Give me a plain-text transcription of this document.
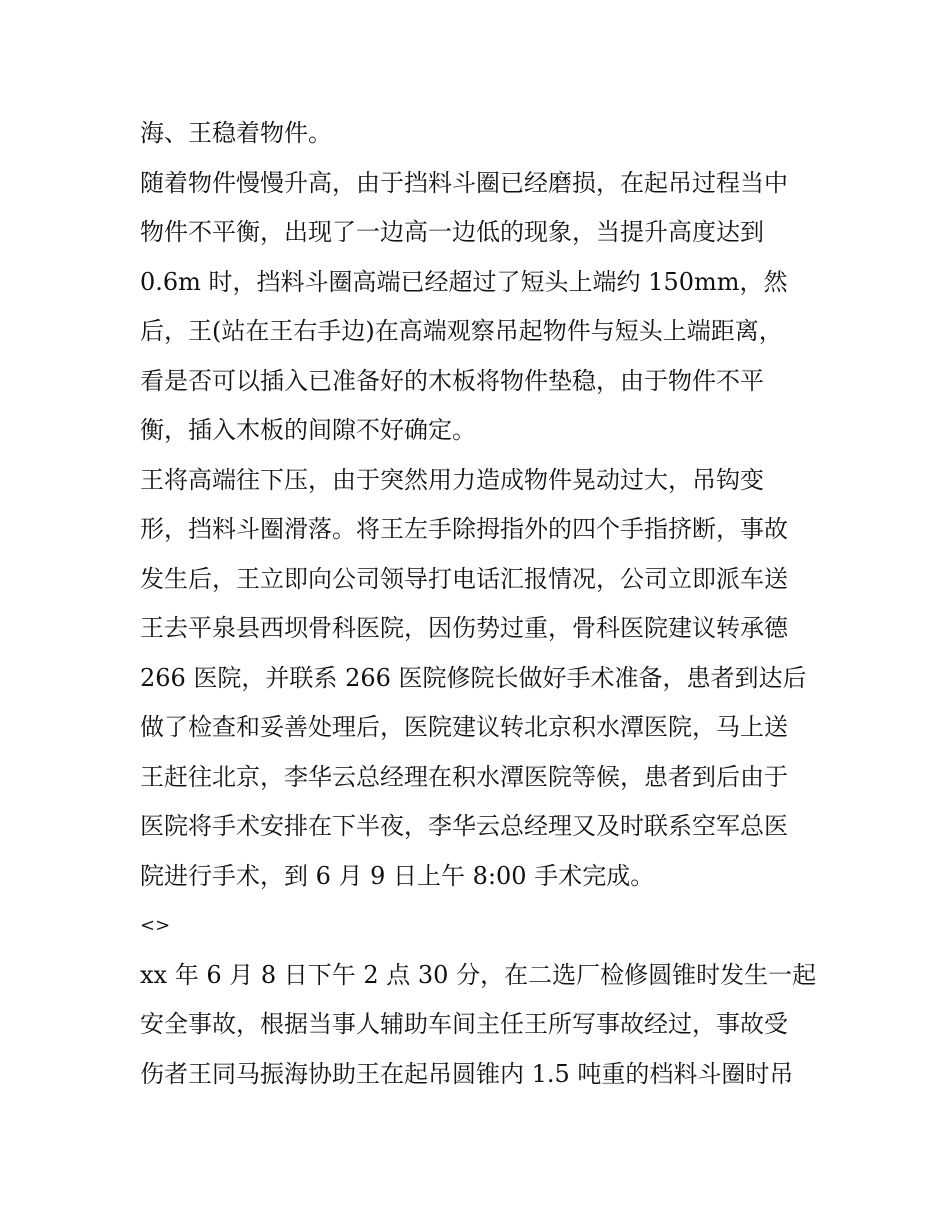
海、王稳着物件。
随着物件慢慢升高，由于挡料斗圈已经磨损，在起吊过程当中
物件不平衡，出现了一边高一边低的现象，当提升高度达到
0.6m 时，挡料斗圈高端已经超过了短头上端约 150mm，然
后，王(站在王右手边)在高端观察吊起物件与短头上端距离，
看是否可以插入已准备好的木板将物件垫稳，由于物件不平
衡，插入木板的间隙不好确定。
王将高端往下压，由于突然用力造成物件晃动过大，吊钩变
形，挡料斗圈滑落。将王左手除拇指外的四个手指挤断，事故
发生后，王立即向公司领导打电话汇报情况，公司立即派车送
王去平泉县西坝骨科医院，因伤势过重，骨科医院建议转承德
266 医院，并联系 266 医院修院长做好手术准备，患者到达后
做了检查和妥善处理后，医院建议转北京积水潭医院，马上送
王赶往北京，李华云总经理在积水潭医院等候，患者到后由于
医院将手术安排在下半夜，李华云总经理又及时联系空军总医
院进行手术，到 6 月 9 日上午 8:00 手术完成。
<>
xx 年 6 月 8 日下午 2 点 30 分，在二选厂检修圆锥时发生一起
安全事故，根据当事人辅助车间主任王所写事故经过，事故受
伤者王同马振海协助王在起吊圆锥内 1.5 吨重的档料斗圈时吊
